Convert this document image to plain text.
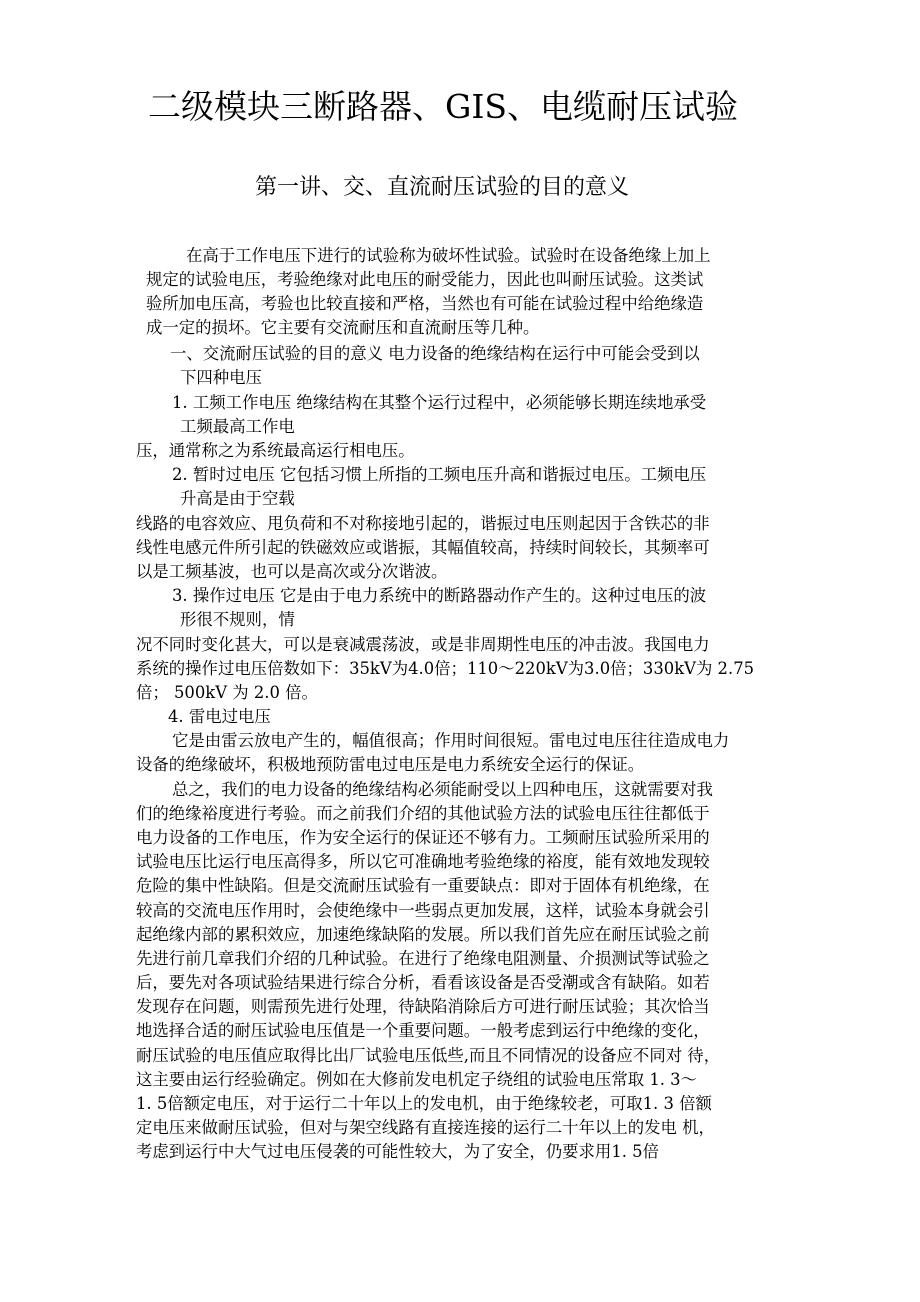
二级模块三断路器、GIS、电缆耐压试验
第一讲、交、直流耐压试验的目的意义

在高于工作电压下进行的试验称为破坏性试验。试验时在设备绝缘上加上

规定的试验电压，考验绝缘对此电压的耐受能力，因此也叫耐压试验。这类试

验所加电压高，考验也比较直接和严格，当然也有可能在试验过程中给绝缘造

成一定的损坏。它主要有交流耐压和直流耐压等几种。

一、交流耐压试验的目的意义 电力设备的绝缘结构在运行中可能会受到以

下四种电压

1. 工频工作电压 绝缘结构在其整个运行过程中，必须能够长期连续地承受

工频最高工作电

压，通常称之为系统最高运行相电压。

2. 暂时过电压 它包括习惯上所指的工频电压升高和谐振过电压。工频电压

升高是由于空载

线路的电容效应、甩负荷和不对称接地引起的，谐振过电压则起因于含铁芯的非

线性电感元件所引起的铁磁效应或谐振，其幅值较高，持续时间较长，其频率可

以是工频基波，也可以是高次或分次谐波。

3. 操作过电压 它是由于电力系统中的断路器动作产生的。这种过电压的波

形很不规则，情

况不同时变化甚大，可以是衰减震荡波，或是非周期性电压的冲击波。我国电力

系统的操作过电压倍数如下：35kV为4.0倍；110～220kV为3.0倍；330kV为 2.75

倍； 500kV 为 2.0 倍。

4. 雷电过电压

它是由雷云放电产生的，幅值很高；作用时间很短。雷电过电压往往造成电力

设备的绝缘破坏，积极地预防雷电过电压是电力系统安全运行的保证。

总之，我们的电力设备的绝缘结构必须能耐受以上四种电压，这就需要对我

们的绝缘裕度进行考验。而之前我们介绍的其他试验方法的试验电压往往都低于

电力设备的工作电压，作为安全运行的保证还不够有力。工频耐压试验所采用的

试验电压比运行电压高得多，所以它可准确地考验绝缘的裕度，能有效地发现较

危险的集中性缺陷。但是交流耐压试验有一重要缺点：即对于固体有机绝缘，在

较高的交流电压作用时，会使绝缘中一些弱点更加发展，这样，试验本身就会引

起绝缘内部的累积效应，加速绝缘缺陷的发展。所以我们首先应在耐压试验之前

先进行前几章我们介绍的几种试验。在进行了绝缘电阻测量、介损测试等试验之

后，要先对各项试验结果进行综合分析，看看该设备是否受潮或含有缺陷。如若

发现存在问题，则需预先进行处理，待缺陷消除后方可进行耐压试验；其次恰当

地选择合适的耐压试验电压值是一个重要问题。一般考虑到运行中绝缘的变化，

耐压试验的电压值应取得比出厂试验电压低些,而且不同情况的设备应不同对 待，

这主要由运行经验确定。例如在大修前发电机定子绕组的试验电压常取 1. 3～

1. 5倍额定电压，对于运行二十年以上的发电机，由于绝缘较老，可取1. 3 倍额

定电压来做耐压试验，但对与架空线路有直接连接的运行二十年以上的发电 机，

考虑到运行中大气过电压侵袭的可能性较大，为了安全，仍要求用1. 5倍
